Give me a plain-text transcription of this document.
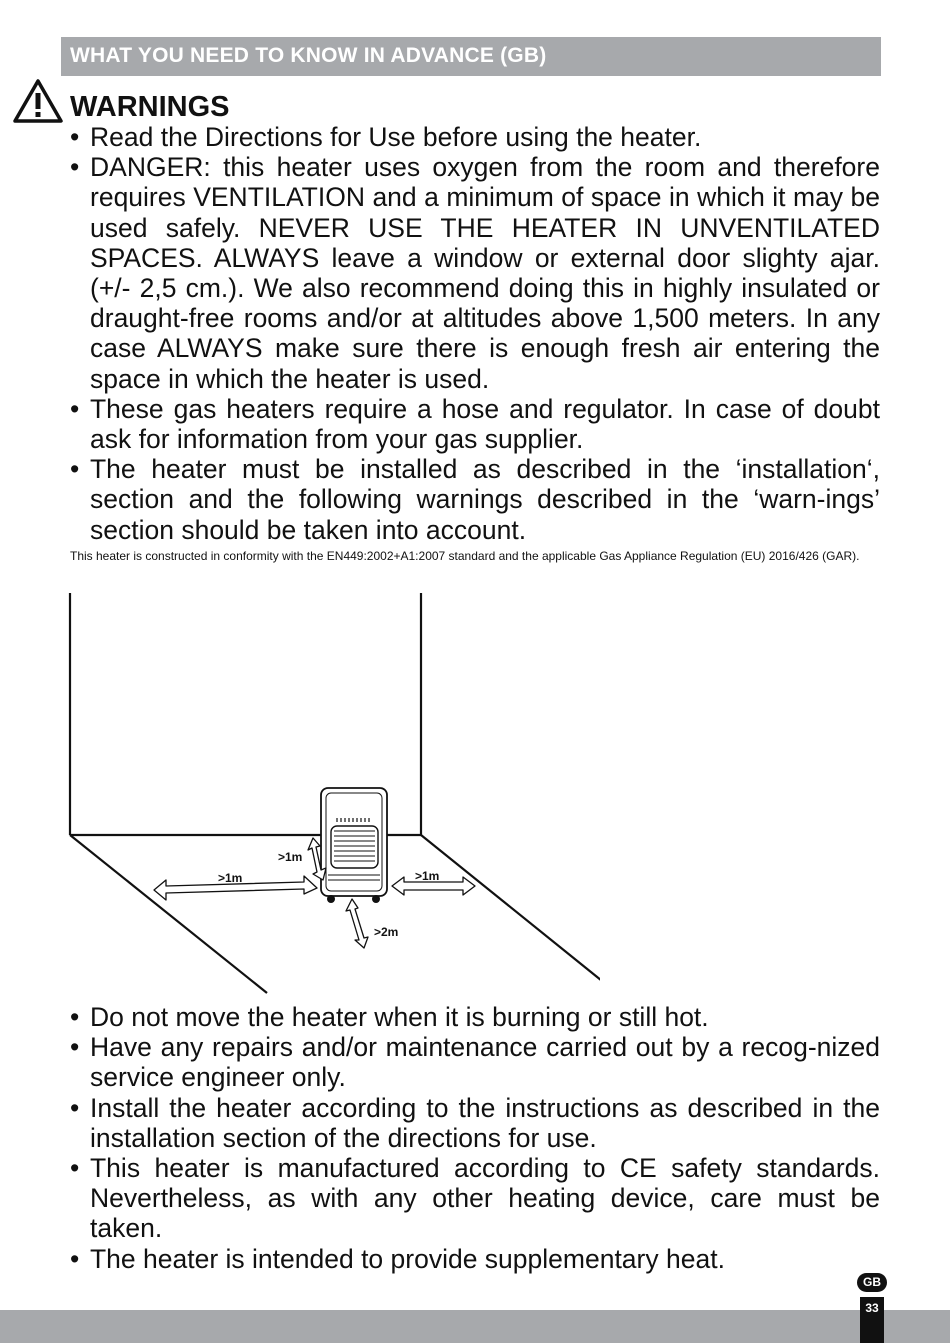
WHAT YOU NEED TO KNOW IN ADVANCE (GB)
WARNINGS
• Read the Directions for Use before using the heater.
• DANGER: this heater uses oxygen from the room and therefore requires VENTILATION and a minimum of space in which it may be used safely. NEVER USE THE HEATER IN UNVENTILATED SPACES. ALWAYS leave a window or external door slighty ajar. (+/- 2,5 cm.). We also recommend doing this in highly insulated or draught-free rooms and/or at altitudes above 1,500 meters. In any case ALWAYS make sure there is enough fresh air entering the space in which the heater is used.
• These gas heaters require a hose and regulator. In case of doubt ask for information from your gas supplier.
• The heater must be installed as described in the ‘installation‘, section and the following warnings described in the ‘warn-ings’ section should be taken into account.
This heater is constructed in conformity with the EN449:2002+A1:2007 standard and the applicable Gas Appliance Regulation (EU) 2016/426 (GAR).
>1m
>1m	>1m
>2m
• Do not move the heater when it is burning or still hot.
• Have any repairs and/or maintenance carried out by a recog-nized service engineer only.
• Install the heater according to the instructions as described in the installation section of the directions for use.
• This heater is manufactured according to CE safety standards. Nevertheless, as with any other heating device, care must be taken.
• The heater is intended to provide supplementary heat.
GB
33
